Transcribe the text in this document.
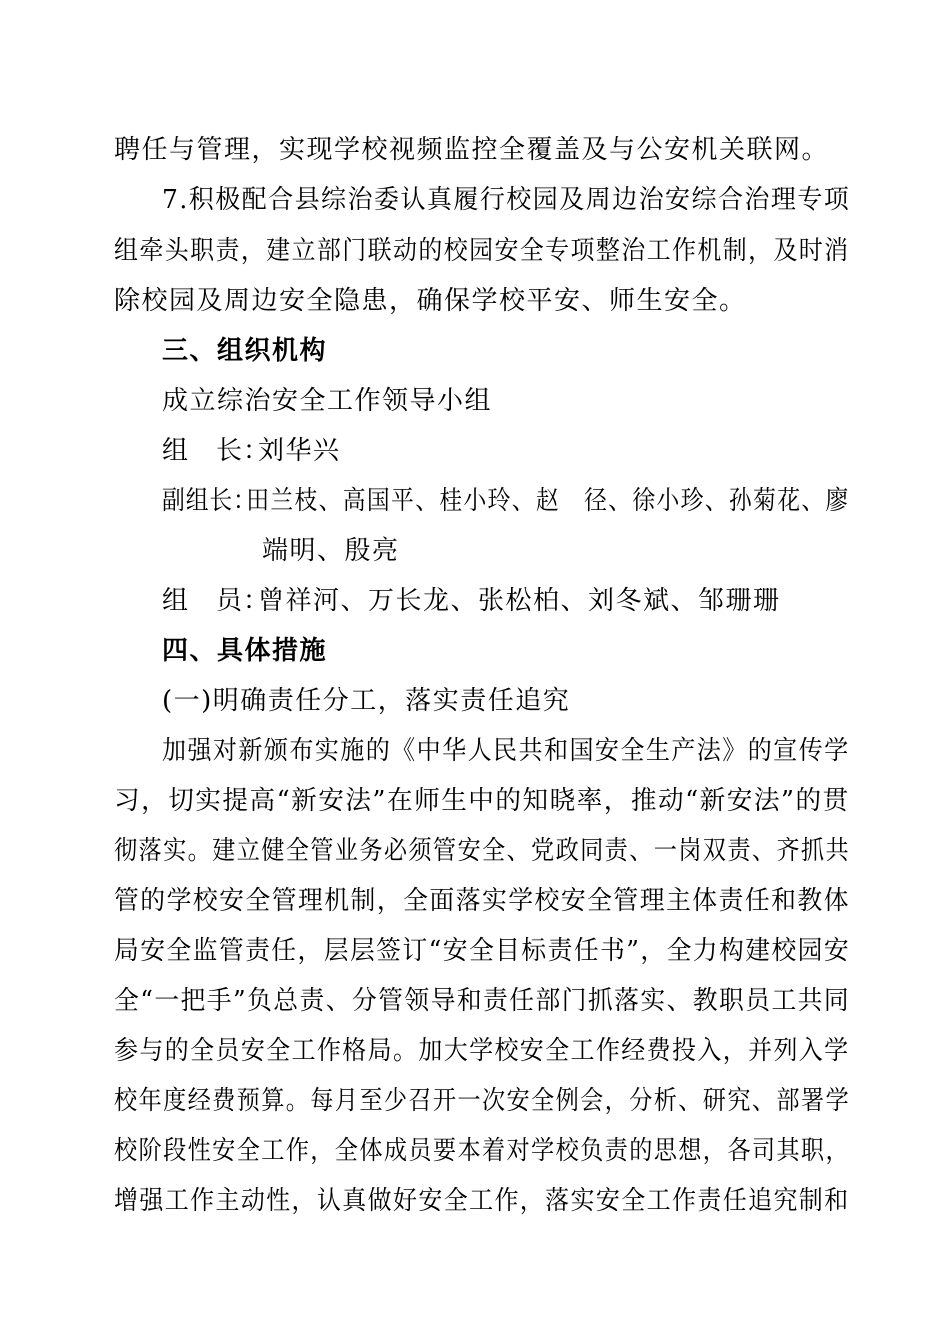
聘任与管理，实现学校视频监控全覆盖及与公安机关联网。
7.积极配合县综治委认真履行校园及周边治安综合治理专项
组牵头职责，建立部门联动的校园安全专项整治工作机制，及时消
除校园及周边安全隐患，确保学校平安、师生安全。
三、组织机构
成立综治安全工作领导小组
组　长：刘华兴
副组长：田兰枝、高国平、桂小玲、赵　径、徐小珍、孙菊花、廖
端明、殷亮
组　员：曾祥河、万长龙、张松柏、刘冬斌、邹珊珊
四、具体措施
(一)明确责任分工，落实责任追究
加强对新颁布实施的《中华人民共和国安全生产法》的宣传学
习，切实提高“新安法”在师生中的知晓率，推动“新安法”的贯
彻落实。建立健全管业务必须管安全、党政同责、一岗双责、齐抓共
管的学校安全管理机制，全面落实学校安全管理主体责任和教体
局安全监管责任，层层签订“安全目标责任书”，全力构建校园安
全“一把手”负总责、分管领导和责任部门抓落实、教职员工共同
参与的全员安全工作格局。加大学校安全工作经费投入，并列入学
校年度经费预算。每月至少召开一次安全例会，分析、研究、部署学
校阶段性安全工作，全体成员要本着对学校负责的思想，各司其职，
增强工作主动性，认真做好安全工作，落实安全工作责任追究制和
